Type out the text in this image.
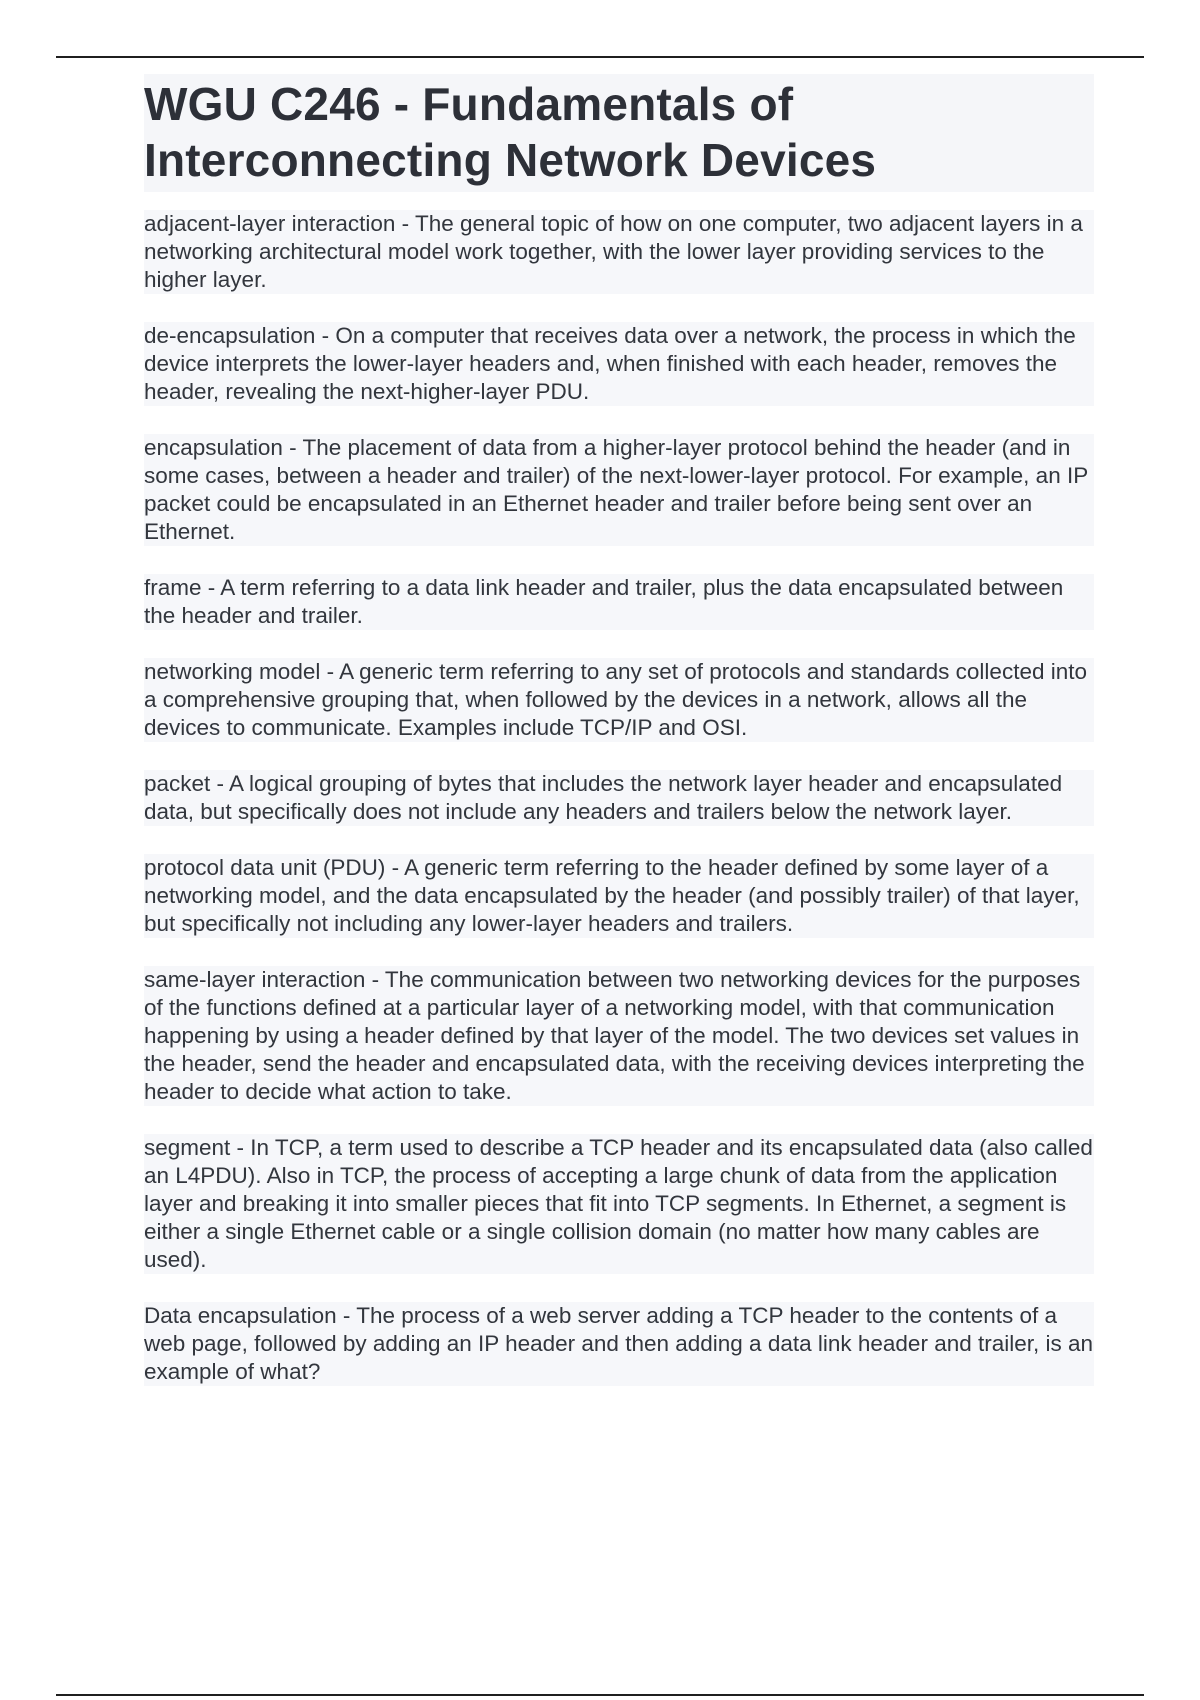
WGU C246 - Fundamentals of Interconnecting Network Devices

adjacent-layer interaction - The general topic of how on one computer, two adjacent layers in a networking architectural model work together, with the lower layer providing services to the higher layer.

de-encapsulation - On a computer that receives data over a network, the process in which the device interprets the lower-layer headers and, when finished with each header, removes the header, revealing the next-higher-layer PDU.

encapsulation - The placement of data from a higher-layer protocol behind the header (and in some cases, between a header and trailer) of the next-lower-layer protocol. For example, an IP packet could be encapsulated in an Ethernet header and trailer before being sent over an Ethernet.

frame - A term referring to a data link header and trailer, plus the data encapsulated between the header and trailer.

networking model - A generic term referring to any set of protocols and standards collected into a comprehensive grouping that, when followed by the devices in a network, allows all the devices to communicate. Examples include TCP/IP and OSI.

packet - A logical grouping of bytes that includes the network layer header and encapsulated data, but specifically does not include any headers and trailers below the network layer.

protocol data unit (PDU) - A generic term referring to the header defined by some layer of a networking model, and the data encapsulated by the header (and possibly trailer) of that layer, but specifically not including any lower-layer headers and trailers.

same-layer interaction - The communication between two networking devices for the purposes of the functions defined at a particular layer of a networking model, with that communication happening by using a header defined by that layer of the model. The two devices set values in the header, send the header and encapsulated data, with the receiving devices interpreting the header to decide what action to take.

segment - In TCP, a term used to describe a TCP header and its encapsulated data (also called an L4PDU). Also in TCP, the process of accepting a large chunk of data from the application layer and breaking it into smaller pieces that fit into TCP segments. In Ethernet, a segment is either a single Ethernet cable or a single collision domain (no matter how many cables are used).

Data encapsulation - The process of a web server adding a TCP header to the contents of a web page, followed by adding an IP header and then adding a data link header and trailer, is an example of what?
